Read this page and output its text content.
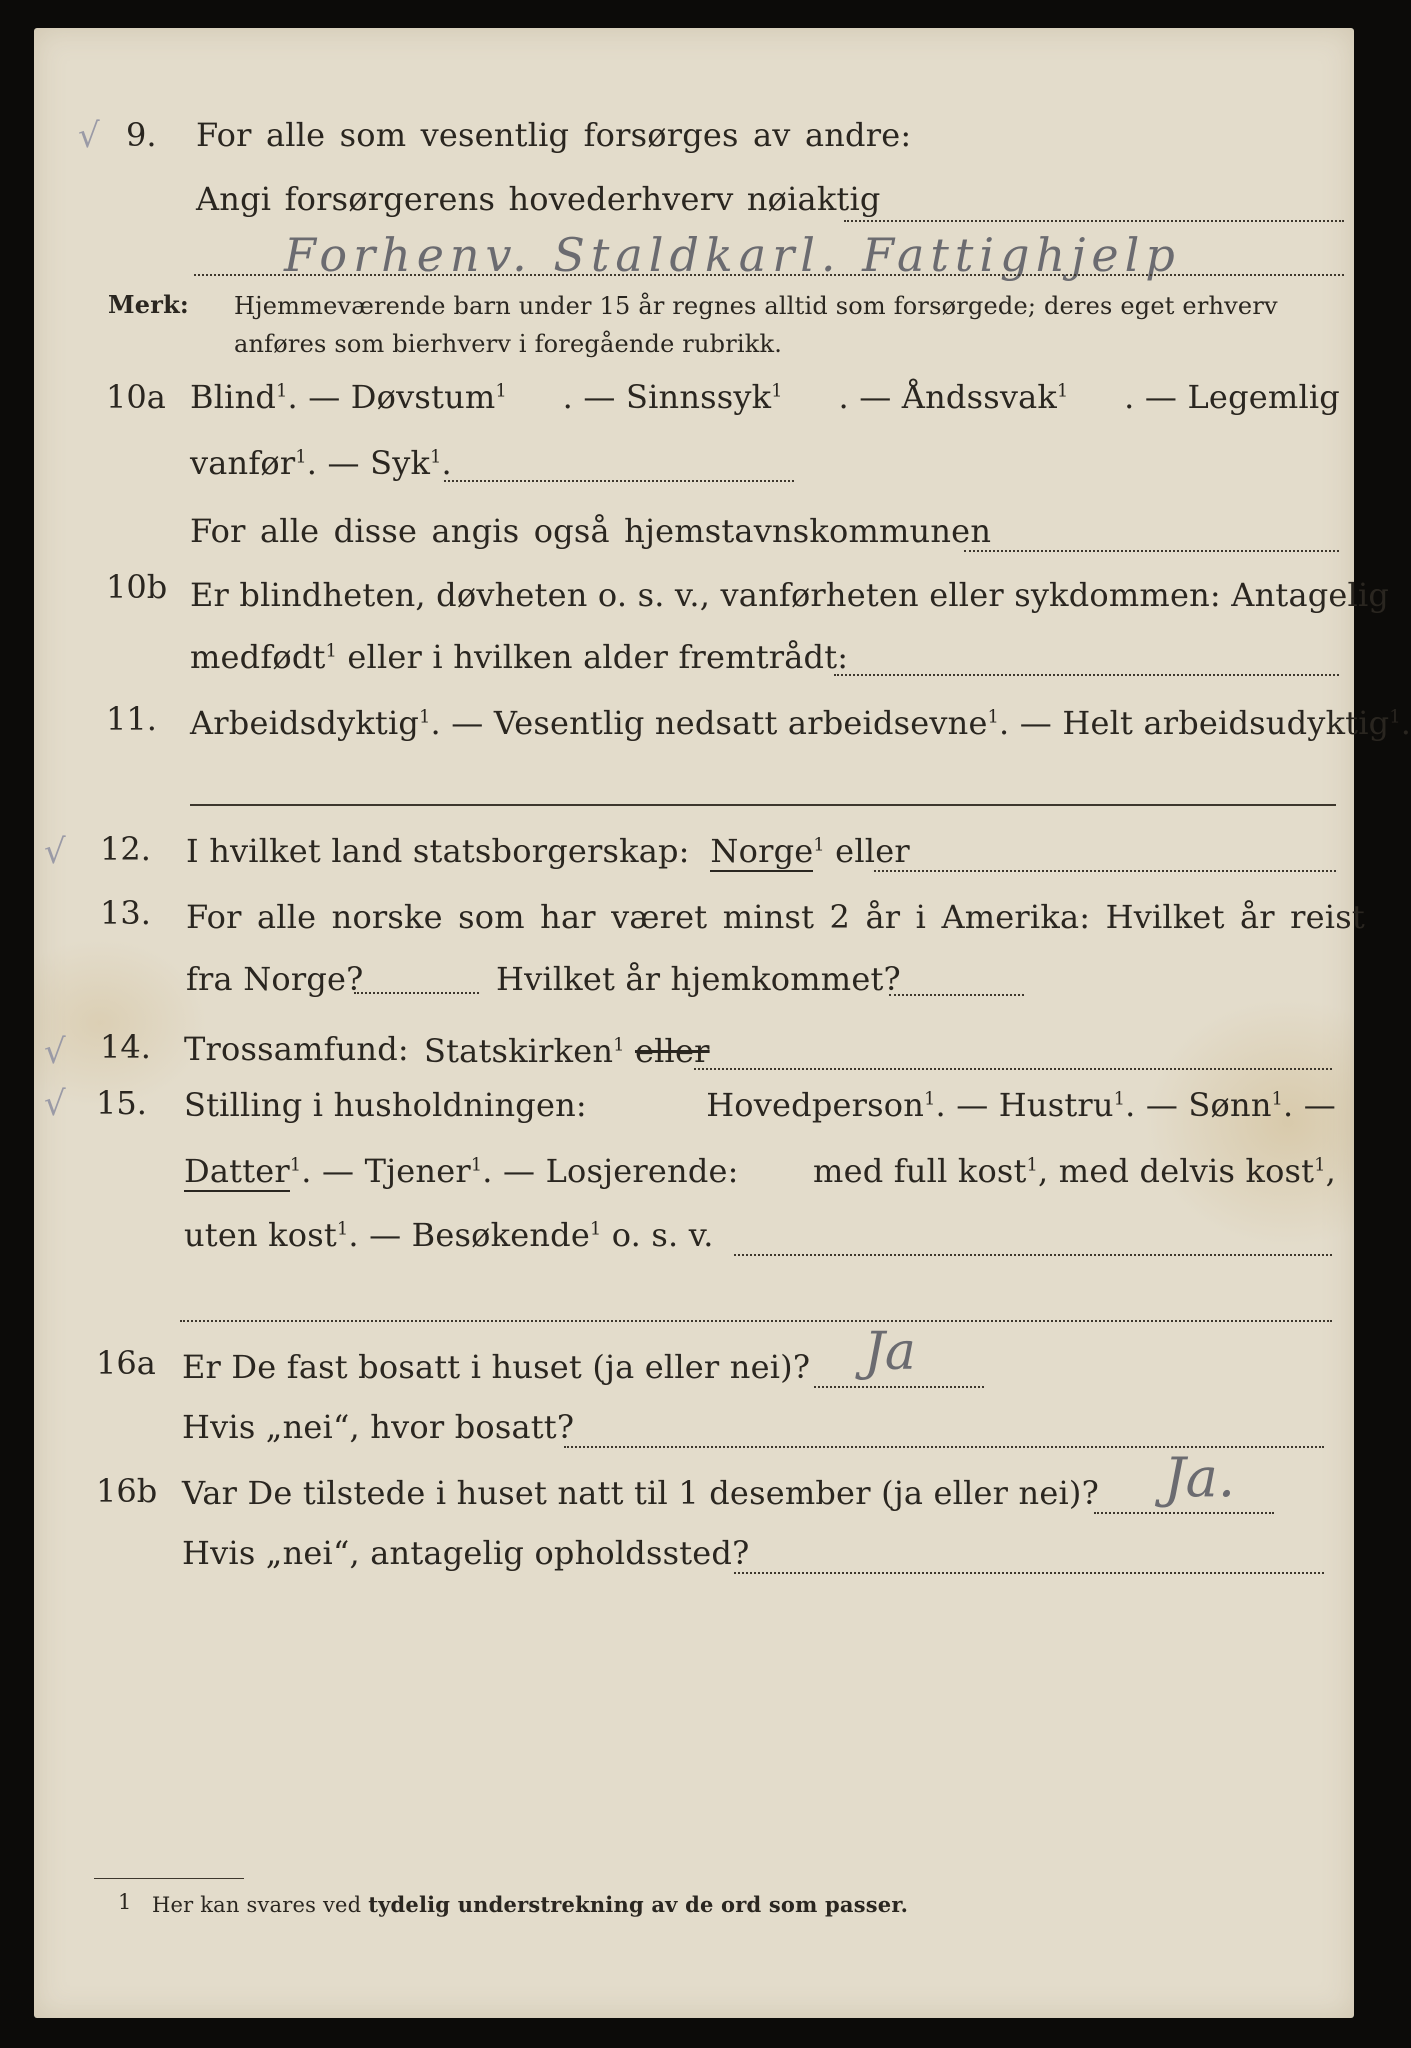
√ 9. For alle som vesentlig forsørges av andre:
Angi forsørgerens hovederhverv nøiaktig
Forhenv. Staldkarl. Fattighjelp
Merk: Hjemmeværende barn under 15 år regnes alltid som forsørgede; deres eget erhverv
anføres som bierhverv i foregående rubrikk.
10a Blind$^1$. — Døvstum$^1$ . — Sinnssyk$^1$ . — Åndssvak$^1$ . — Legemlig
vanfør$^1$. — Syk$^1$.
For alle disse angis også hjemstavnskommunen
10b Er blindheten, døvheten o. s. v., vanførheten eller sykdommen: Antagelig
medfødt$^1$ eller i hvilken alder fremtrådt:
11. Arbeidsdyktig$^1$. — Vesentlig nedsatt arbeidsevne$^1$. — Helt arbeidsudyktig$^1$.
√ 12. I hvilket land statsborgerskap: Norge$^1$ eller
13. For alle norske som har været minst 2 år i Amerika: Hvilket år reist
fra Norge?	Hvilket år hjemkommet?
√ 14. Trossamfund: Statskirken$^1$ eller
√ 15. Stilling i husholdningen:	Hovedperson$^1$. — Hustru$^1$. — Sønn$^1$. —
Datter$^1$. — Tjener$^1$. — Losjerende: med full kost$^1$, med delvis kost$^1$,
uten kost$^1$. — Besøkende$^1$ o. s. v.
16a Er De fast bosatt i huset (ja eller nei)? Ja
Hvis „nei“, hvor bosatt?
16b Var De tilstede i huset natt til 1 desember (ja eller nei)? Ja.
Hvis „nei“, antagelig opholdssted?
1 Her kan svares ved tydelig understrekning av de ord som passer.
